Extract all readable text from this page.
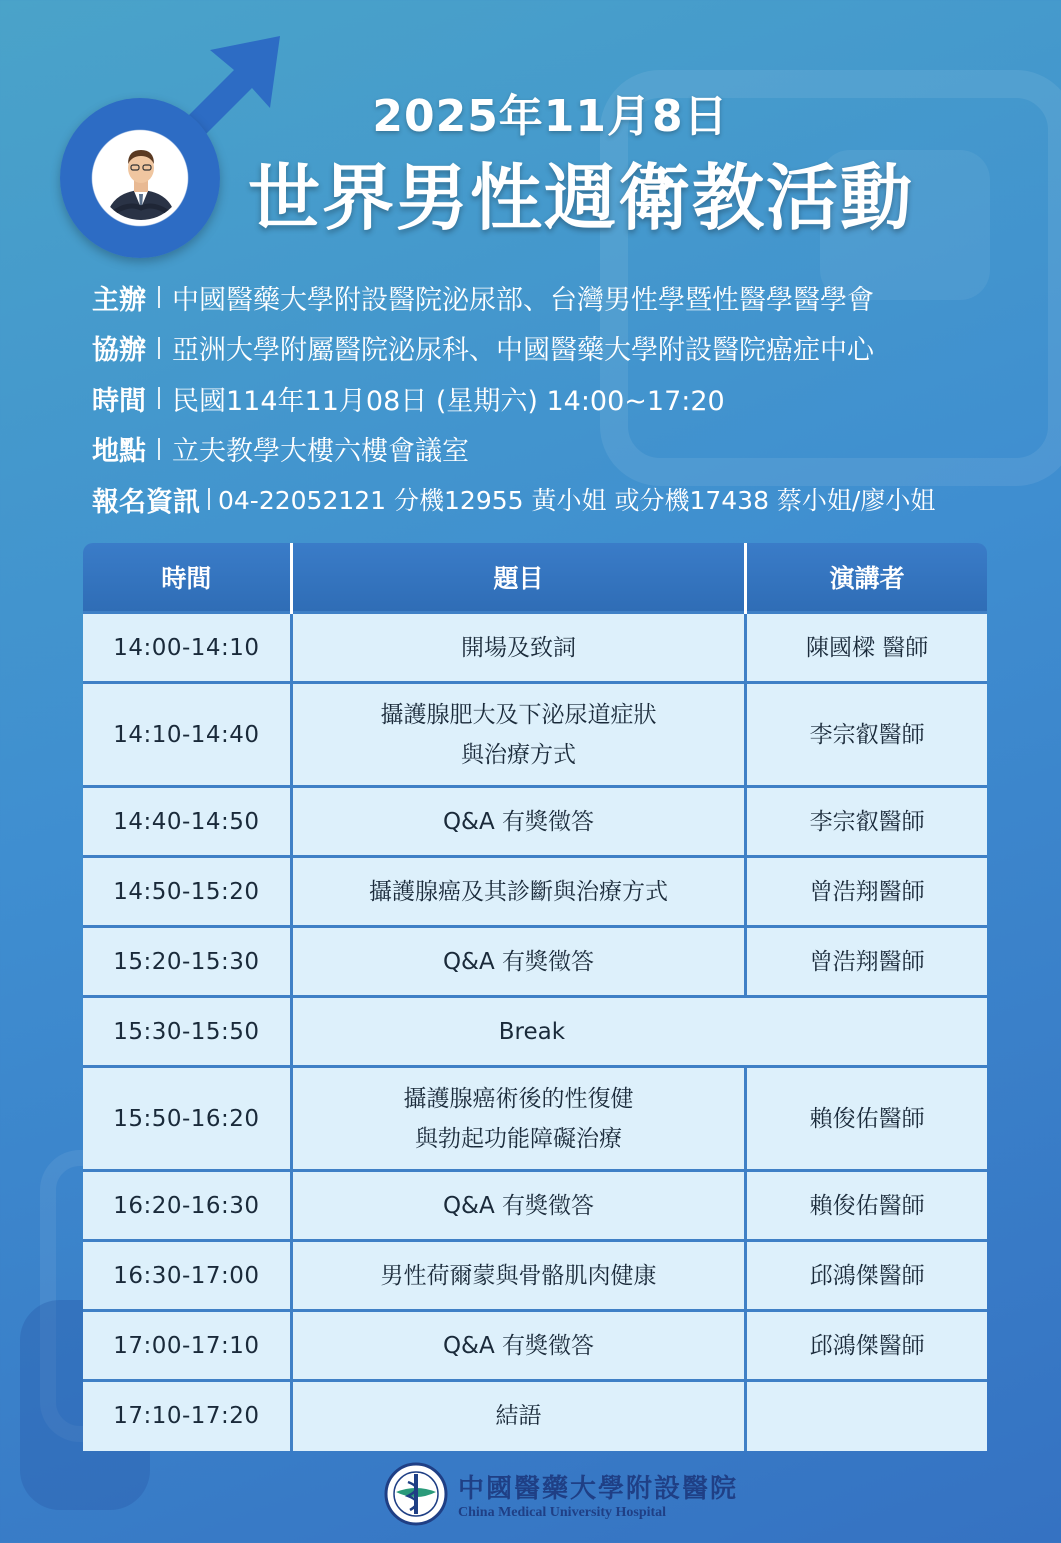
2025年11月8日
世界男性週衛教活動
主辦 中國醫藥大學附設醫院泌尿部、台灣男性學暨性醫學醫學會
協辦 亞洲大學附屬醫院泌尿科、中國醫藥大學附設醫院癌症中心
時間 民國114年11月08日 (星期六) 14:00~17:20
地點 立夫教學大樓六樓會議室
報名資訊 04-22052121 分機12955 黃小姐 或分機17438 蔡小姐/廖小姐
時間	題目	演講者
14:00-14:10	開場及致詞	陳國樑 醫師
14:10-14:40	攝護腺肥大及下泌尿道症狀
與治療方式	李宗叡醫師
14:40-14:50	Q&A 有獎徵答	李宗叡醫師
14:50-15:20	攝護腺癌及其診斷與治療方式	曾浩翔醫師
15:20-15:30	Q&A 有獎徵答	曾浩翔醫師
15:30-15:50	Break	
15:50-16:20	攝護腺癌術後的性復健
與勃起功能障礙治療	賴俊佑醫師
16:20-16:30	Q&A 有獎徵答	賴俊佑醫師
16:30-17:00	男性荷爾蒙與骨骼肌肉健康	邱鴻傑醫師
17:00-17:10	Q&A 有獎徵答	邱鴻傑醫師
17:10-17:20	結語	
中國醫藥大學附設醫院
China Medical University Hospital
